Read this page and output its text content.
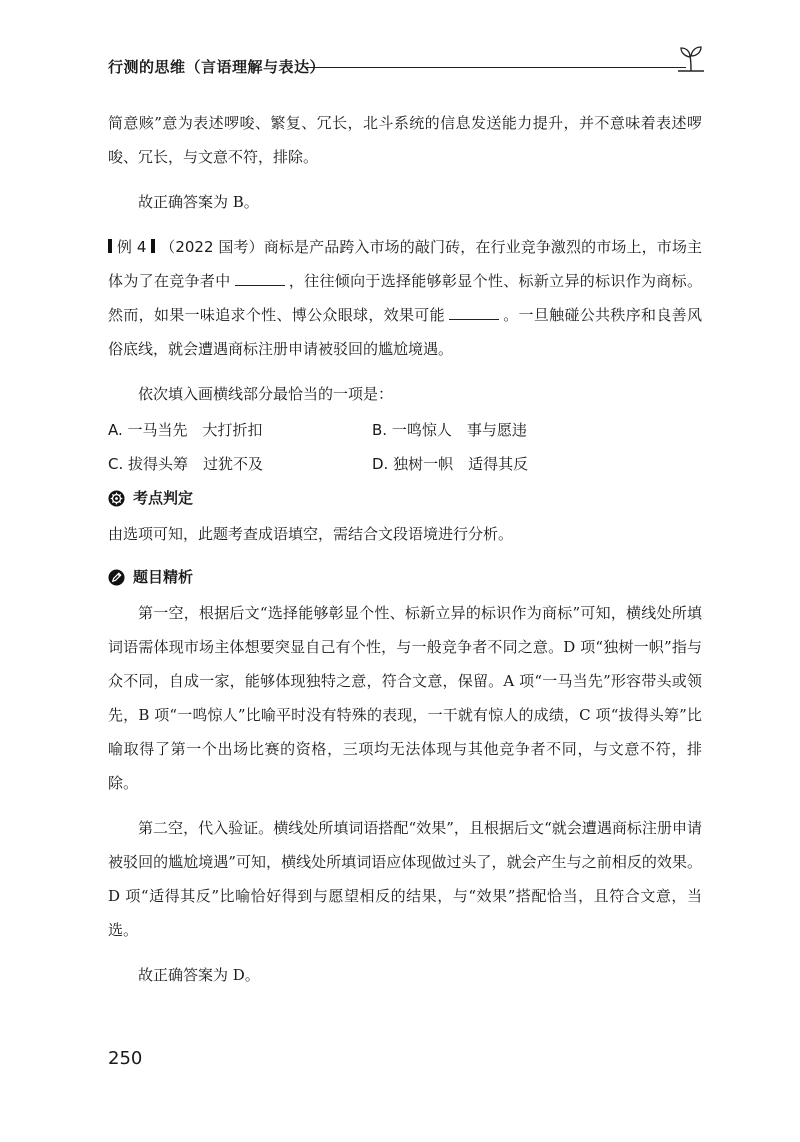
行测的思维（言语理解与表达）

简意赅”意为表述啰唆、繁复、冗长，北斗系统的信息发送能力提升，并不意味着表述啰唆、冗长，与文意不符，排除。

故正确答案为 B。

例 4 （2022 国考）商标是产品跨入市场的敲门砖，在行业竞争激烈的市场上，市场主体为了在竞争者中	，往往倾向于选择能够彰显个性、标新立异的标识作为商标。然而，如果一味追求个性、博公众眼球，效果可能	。一旦触碰公共秩序和良善风俗底线，就会遭遇商标注册申请被驳回的尴尬境遇。

依次填入画横线部分最恰当的一项是：

A. 一马当先　大打折扣	B. 一鸣惊人　事与愿违
C. 拔得头筹　过犹不及	D. 独树一帜　适得其反
考点判定

由选项可知，此题考查成语填空，需结合文段语境进行分析。

题目精析

第一空，根据后文“选择能够彰显个性、标新立异的标识作为商标”可知，横线处所填词语需体现市场主体想要突显自己有个性，与一般竞争者不同之意。D 项“独树一帜”指与众不同，自成一家，能够体现独特之意，符合文意，保留。A 项“一马当先”形容带头或领先，B 项“一鸣惊人”比喻平时没有特殊的表现，一干就有惊人的成绩，C 项“拔得头筹”比喻取得了第一个出场比赛的资格，三项均无法体现与其他竞争者不同，与文意不符，排除。

第二空，代入验证。横线处所填词语搭配“效果”，且根据后文“就会遭遇商标注册申请被驳回的尴尬境遇”可知，横线处所填词语应体现做过头了，就会产生与之前相反的效果。D 项“适得其反”比喻恰好得到与愿望相反的结果，与“效果”搭配恰当，且符合文意，当选。

故正确答案为 D。

250
